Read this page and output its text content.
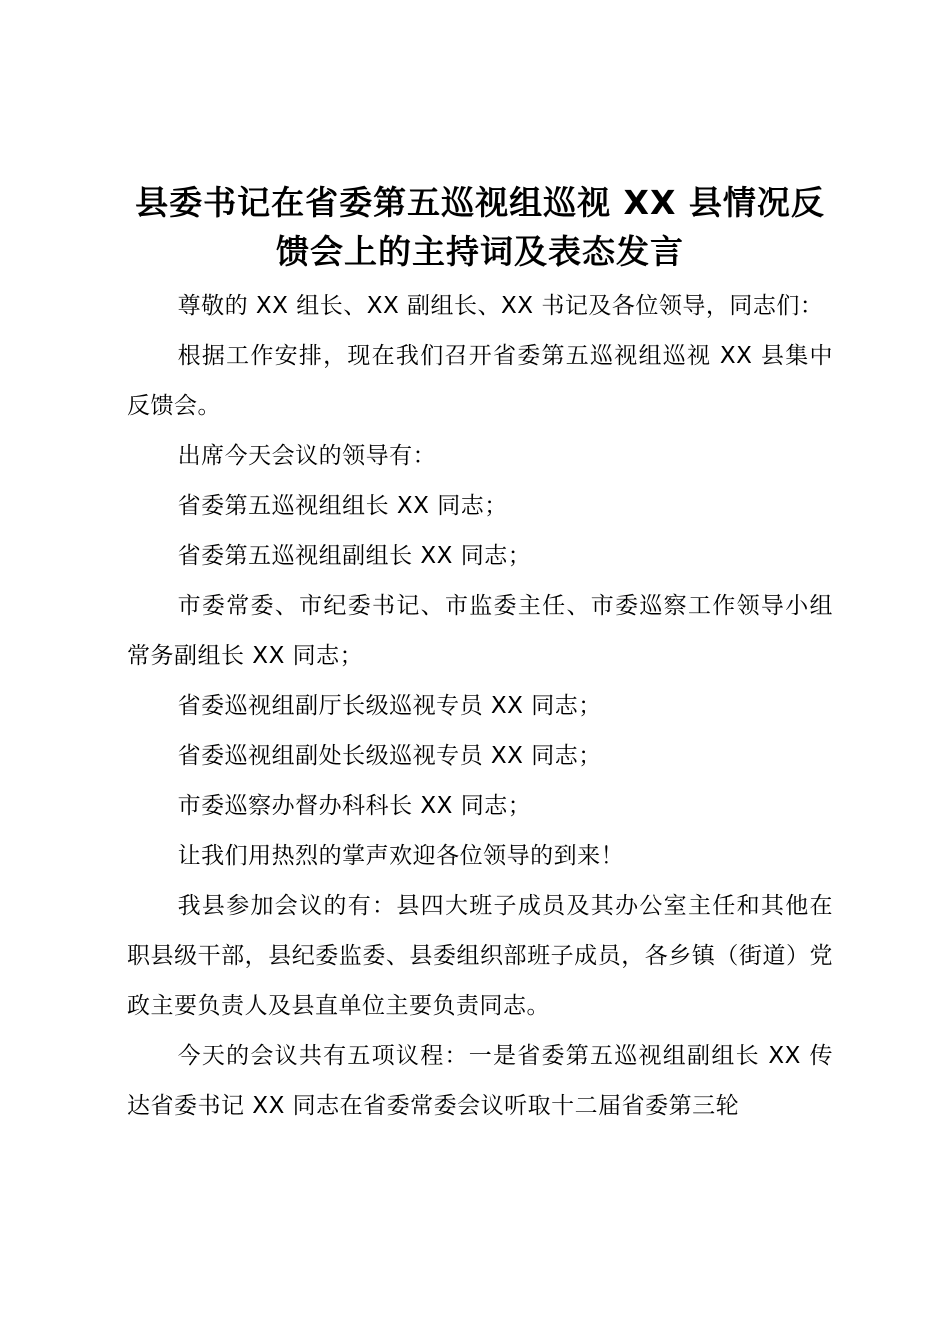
县委书记在省委第五巡视组巡视 XX 县情况反馈会上的主持词及表态发言

尊敬的 XX 组长、XX 副组长、XX 书记及各位领导，同志们：

根据工作安排，现在我们召开省委第五巡视组巡视 XX 县集中反馈会。

出席今天会议的领导有：

省委第五巡视组组长 XX 同志；

省委第五巡视组副组长 XX 同志；

市委常委、市纪委书记、市监委主任、市委巡察工作领导小组常务副组长 XX 同志；

省委巡视组副厅长级巡视专员 XX 同志；

省委巡视组副处长级巡视专员 XX 同志；

市委巡察办督办科科长 XX 同志；

让我们用热烈的掌声欢迎各位领导的到来！

我县参加会议的有：县四大班子成员及其办公室主任和其他在职县级干部，县纪委监委、县委组织部班子成员，各乡镇（街道）党政主要负责人及县直单位主要负责同志。

今天的会议共有五项议程：一是省委第五巡视组副组长 XX 传达省委书记 XX 同志在省委常委会议听取十二届省委第三轮
